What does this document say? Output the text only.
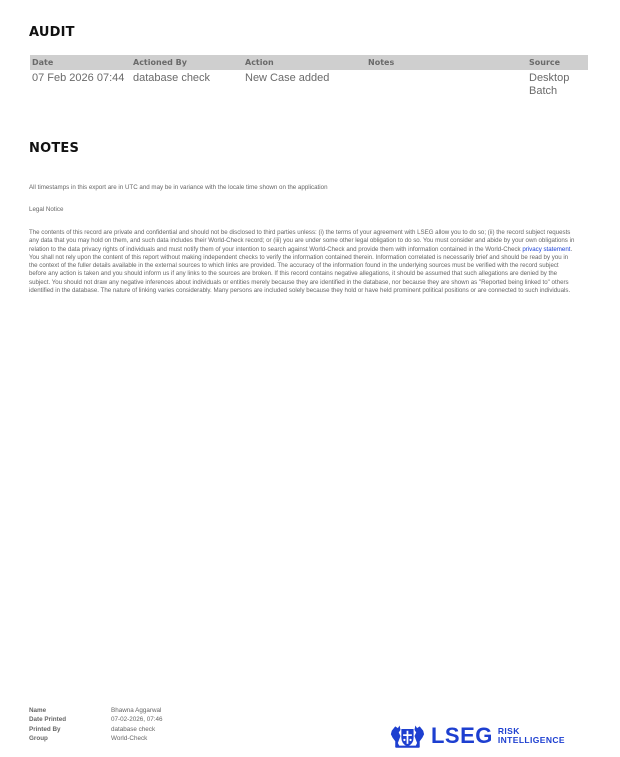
AUDIT
Date	Actioned By	Action	Notes	Source
07 Feb 2026 07:44	database check	New Case added		Desktop Batch
NOTES

All timestamps in this export are in UTC and may be in variance with the locale time shown on the application

Legal Notice

The contents of this record are private and confidential and should not be disclosed to third parties unless: (i) the terms of your agreement with LSEG allow you to do so; (ii) the record subject requests any data that you may hold on them, and such data includes their World-Check record; or (iii) you are under some other legal obligation to do so. You must consider and abide by your own obligations in relation to the data privacy rights of individuals and must notify them of your intention to search against World-Check and provide them with information contained in the World-Check privacy statement. You shall not rely upon the content of this report without making independent checks to verify the information contained therein. Information correlated is necessarily brief and should be read by you in the context of the fuller details available in the external sources to which links are provided. The accuracy of the information found in the underlying sources must be verified with the record subject before any action is taken and you should inform us if any links to the sources are broken. If this record contains negative allegations, it should be assumed that such allegations are denied by the subject. You should not draw any negative inferences about individuals or entities merely because they are identified in the database, nor because they are shown as "Reported being linked to" others identified in the database. The nature of linking varies considerably. Many persons are included solely because they hold or have held prominent political positions or are connected to such individuals.

Name	Bhawna Aggarwal
Date Printed	07-02-2026, 07:46
Printed By	database check
Group	World-Check	LSEG RISK
INTELLIGENCE
